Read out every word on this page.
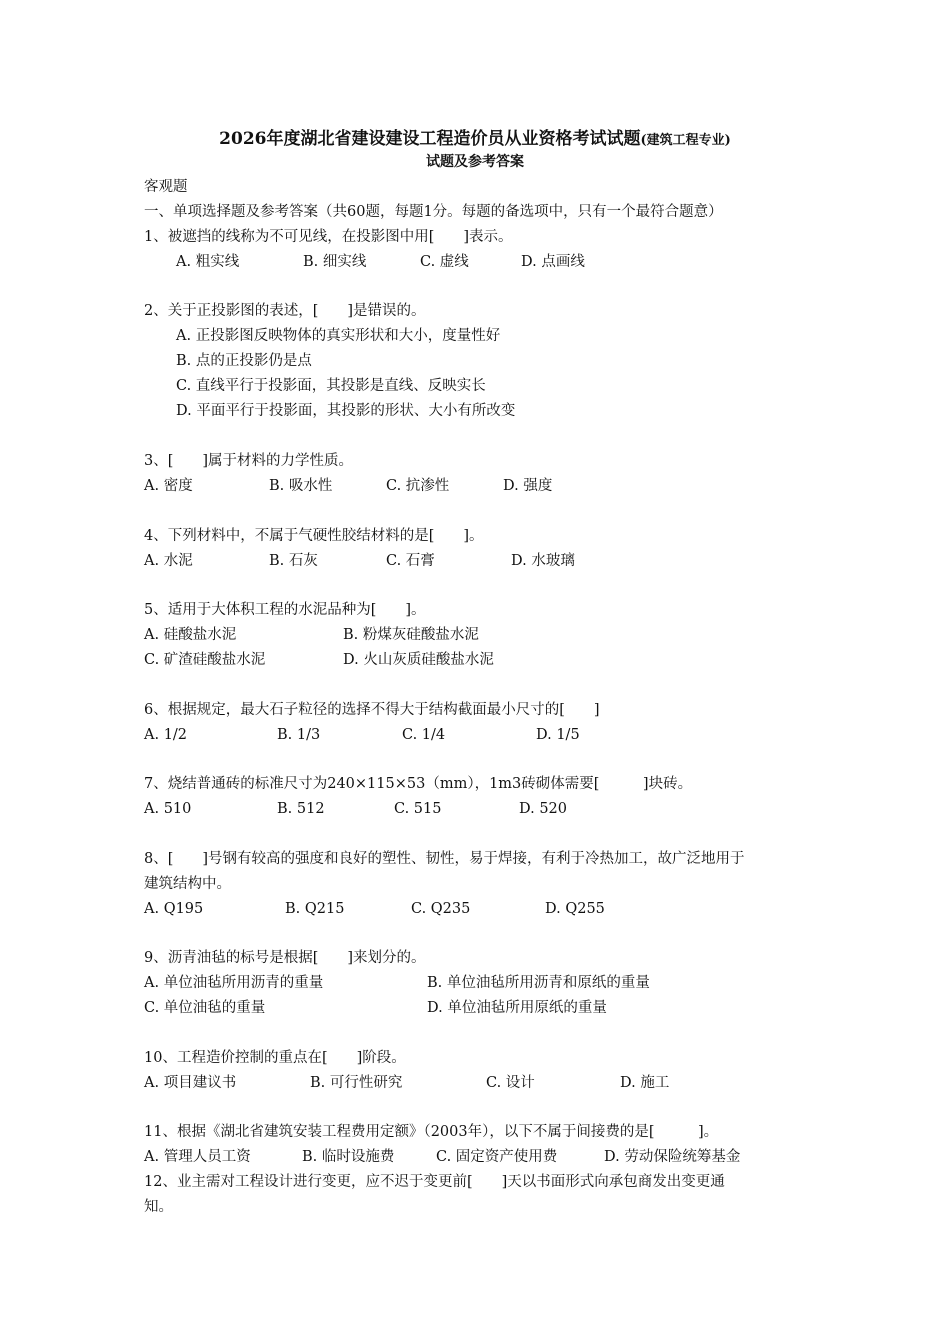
2026年度湖北省建设建设工程造价员从业资格考试试题(建筑工程专业)
试题及参考答案
客观题
一、单项选择题及参考答案（共60题，每题1分。每题的备选项中，只有一个最符合题意）
1、被遮挡的线称为不可见线，在投影图中用[　　]表示。
A. 粗实线	B. 细实线	C. 虚线	D. 点画线
2、关于正投影图的表述，[　　]是错误的。
A. 正投影图反映物体的真实形状和大小，度量性好
B. 点的正投影仍是点
C. 直线平行于投影面，其投影是直线、反映实长
D. 平面平行于投影面，其投影的形状、大小有所改变
3、[　　]属于材料的力学性质。
A. 密度	B. 吸水性	C. 抗渗性	D. 强度
4、下列材料中，不属于气硬性胶结材料的是[　　]。
A. 水泥	B. 石灰	C. 石膏	D. 水玻璃
5、适用于大体积工程的水泥品种为[　　]。
A. 硅酸盐水泥	B. 粉煤灰硅酸盐水泥
C. 矿渣硅酸盐水泥	D. 火山灰质硅酸盐水泥
6、根据规定，最大石子粒径的选择不得大于结构截面最小尺寸的[　　]
A. 1/2	B. 1/3	C. 1/4	D. 1/5
7、烧结普通砖的标准尺寸为240×115×53（mm），1m3砖砌体需要[　　　]块砖。
A. 510	B. 512	C. 515	D. 520
8、[　　]号钢有较高的强度和良好的塑性、韧性，易于焊接，有利于冷热加工，故广泛地用于
建筑结构中。
A. Q195	B. Q215	C. Q235	D. Q255
9、沥青油毡的标号是根据[　　]来划分的。
A. 单位油毡所用沥青的重量	B. 单位油毡所用沥青和原纸的重量
C. 单位油毡的重量	D. 单位油毡所用原纸的重量
10、工程造价控制的重点在[　　]阶段。
A. 项目建议书	B. 可行性研究	C. 设计	D. 施工
11、根据《湖北省建筑安装工程费用定额》（2003年），以下不属于间接费的是[　　　]。
A. 管理人员工资	B. 临时设施费	C. 固定资产使用费	D. 劳动保险统筹基金
12、业主需对工程设计进行变更，应不迟于变更前[　　]天以书面形式向承包商发出变更通
知。
